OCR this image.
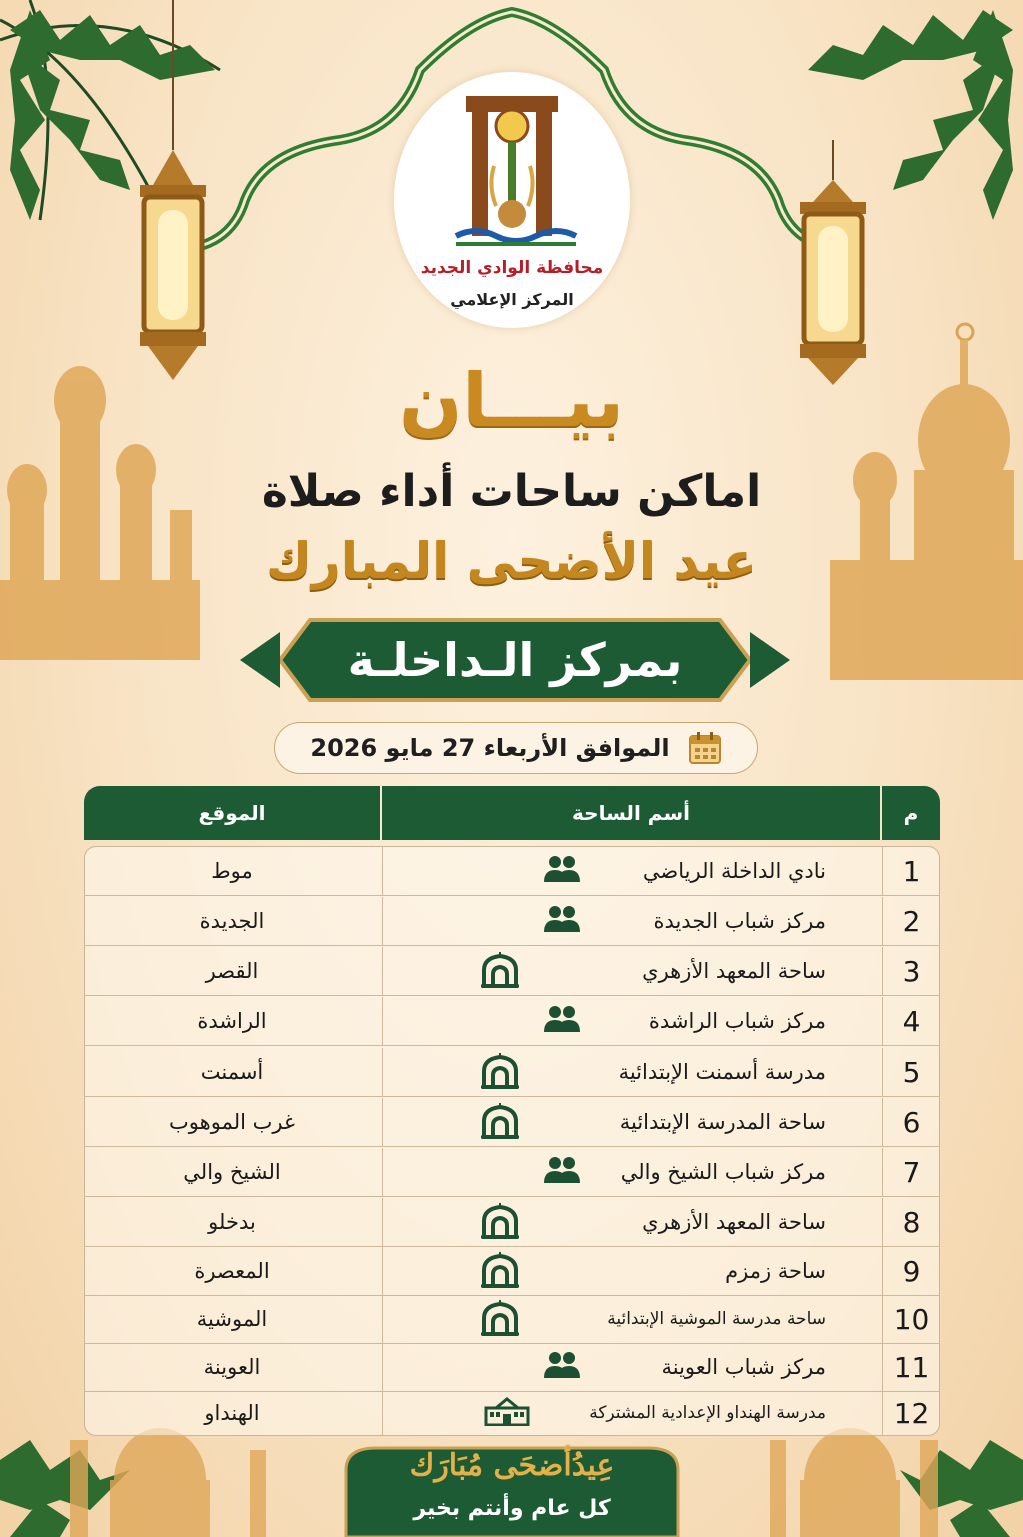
محافظة الوادي الجديد
المركز الإعلامي
بيـــان
اماكن ساحات أداء صلاة
عيد الأضحى المبارك
بمركز الـداخلـة
الموافق الأربعاء 27 مايو 2026
م
أسم الساحة
الموقع
1
نادي الداخلة الرياضي
موط
2
مركز شباب الجديدة
الجديدة
3
ساحة المعهد الأزهري
القصر
4
مركز شباب الراشدة
الراشدة
5
مدرسة أسمنت الإبتدائية
أسمنت
6
ساحة المدرسة الإبتدائية
غرب الموهوب
7
مركز شباب الشيخ والي
الشيخ والي
8
ساحة المعهد الأزهري
بدخلو
9
ساحة زمزم
المعصرة
10
ساحة مدرسة الموشية الإبتدائية
الموشية
11
مركز شباب العوينة
العوينة
12
مدرسة الهنداو الإعدادية المشتركة
الهنداو
عِيدُأضحَى مُبَارَك
كل عام وأنتم بخير
